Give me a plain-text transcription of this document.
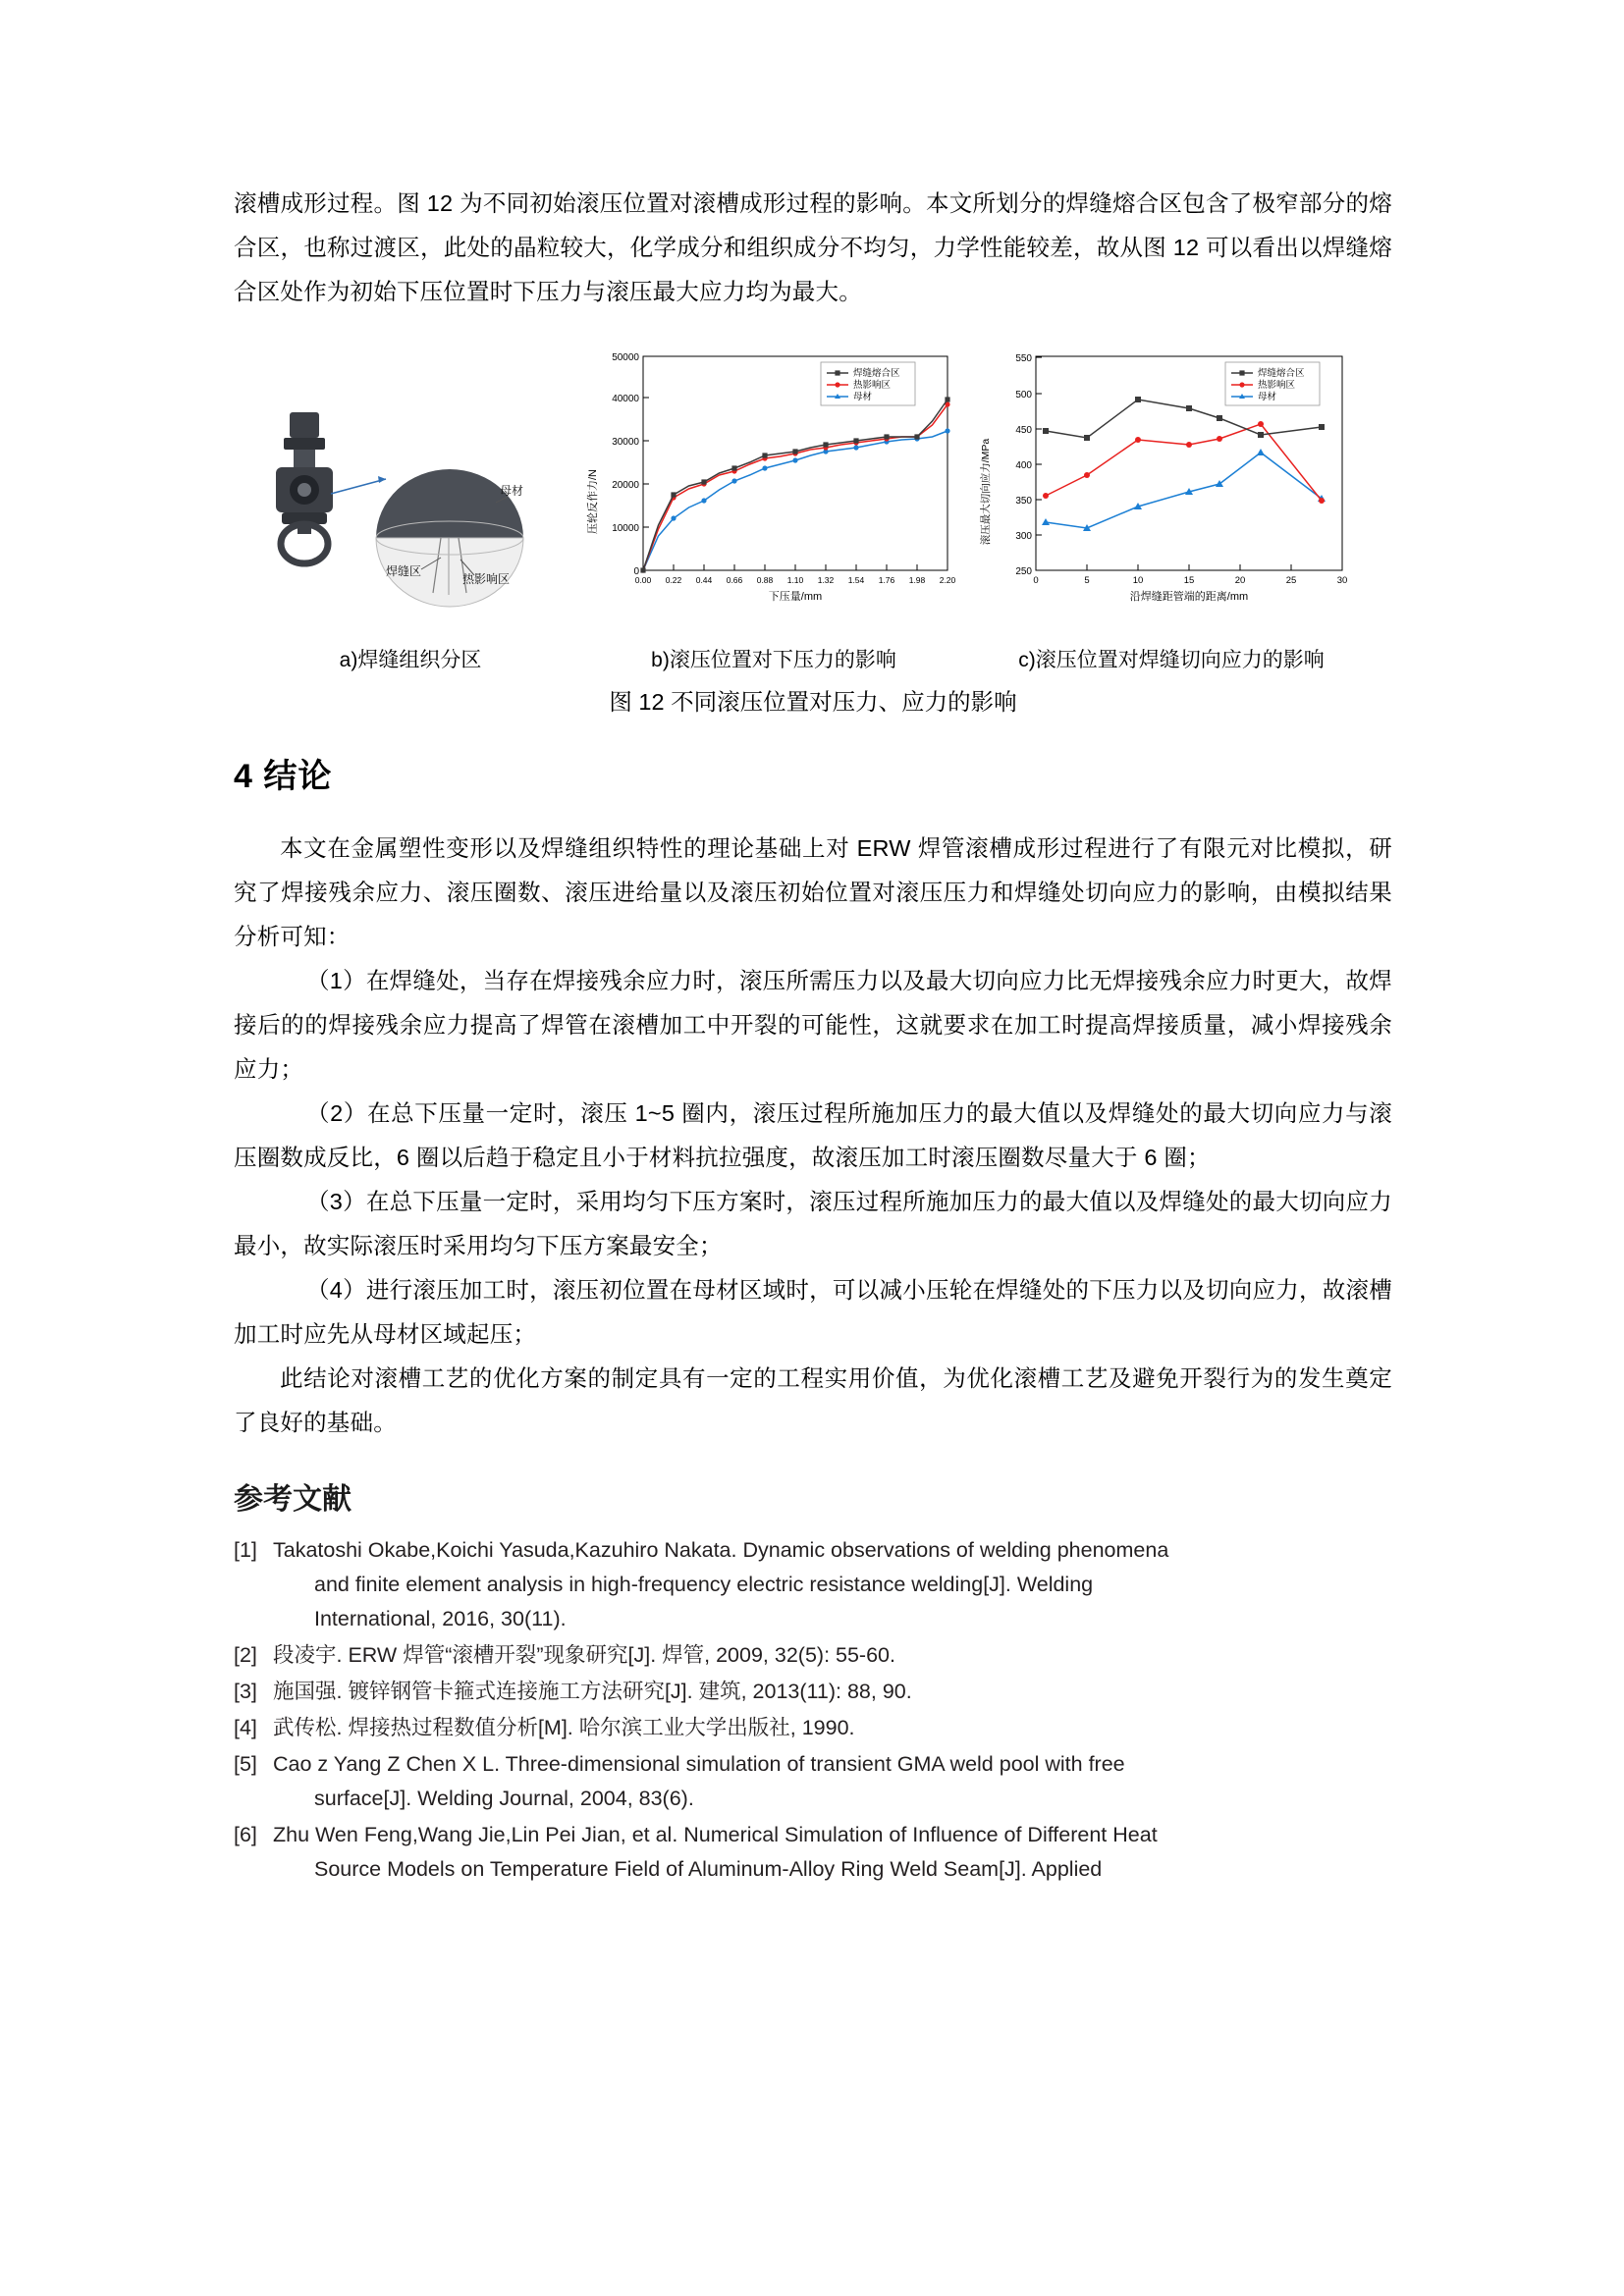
滚槽成形过程。图 12 为不同初始滚压位置对滚槽成形过程的影响。本文所划分的焊缝熔合区包含了极窄部分的熔合区，也称过渡区，此处的晶粒较大，化学成分和组织成分不均匀，力学性能较差，故从图 12 可以看出以焊缝熔合区处作为初始下压位置时下压力与滚压最大应力均为最大。

母材
焊缝区
热影响区
压轮反作力/N
0
10000
20000
30000
40000
50000
0.00 0.22 0.44 0.66 0.88 1.10 1.32 1.54 1.76 1.98 2.20
下压量/mm
焊缝熔合区
热影响区
母材
滚压最大切向应力/MPa
250
300
350
400
450
500
550
0	5	10	15	20	25	30
沿焊缝距管端的距离/mm
焊缝熔合区
热影响区
母材
a)焊缝组织分区	b)滚压位置对下压力的影响	c)滚压位置对焊缝切向应力的影响
图 12 不同滚压位置对压力、应力的影响
4 结论

本文在金属塑性变形以及焊缝组织特性的理论基础上对 ERW 焊管滚槽成形过程进行了有限元对比模拟，研究了焊接残余应力、滚压圈数、滚压进给量以及滚压初始位置对滚压压力和焊缝处切向应力的影响，由模拟结果分析可知：

（1）在焊缝处，当存在焊接残余应力时，滚压所需压力以及最大切向应力比无焊接残余应力时更大，故焊接后的的焊接残余应力提高了焊管在滚槽加工中开裂的可能性，这就要求在加工时提高焊接质量，减小焊接残余应力；

（2）在总下压量一定时，滚压 1~5 圈内，滚压过程所施加压力的最大值以及焊缝处的最大切向应力与滚压圈数成反比，6 圈以后趋于稳定且小于材料抗拉强度，故滚压加工时滚压圈数尽量大于 6 圈；

（3）在总下压量一定时，采用均匀下压方案时，滚压过程所施加压力的最大值以及焊缝处的最大切向应力最小，故实际滚压时采用均匀下压方案最安全；

（4）进行滚压加工时，滚压初位置在母材区域时，可以减小压轮在焊缝处的下压力以及切向应力，故滚槽加工时应先从母材区域起压；

此结论对滚槽工艺的优化方案的制定具有一定的工程实用价值，为优化滚槽工艺及避免开裂行为的发生奠定了良好的基础。

参考文献
[1] Takatoshi Okabe,Koichi Yasuda,Kazuhiro Nakata. Dynamic observations of welding phenomena
and finite element analysis in high-frequency electric resistance welding[J]. Welding
International, 2016, 30(11).
[2] 段凌宇. ERW 焊管“滚槽开裂”现象研究[J]. 焊管, 2009, 32(5): 55-60.
[3] 施国强. 镀锌钢管卡箍式连接施工方法研究[J]. 建筑, 2013(11): 88, 90.
[4] 武传松. 焊接热过程数值分析[M]. 哈尔滨工业大学出版社, 1990.
[5] Cao z Yang Z Chen X L. Three-dimensional simulation of transient GMA weld pool with free
surface[J]. Welding Journal, 2004, 83(6).
[6] Zhu Wen Feng,Wang Jie,Lin Pei Jian, et al. Numerical Simulation of Influence of Different Heat
Source Models on Temperature Field of Aluminum-Alloy Ring Weld Seam[J]. Applied
